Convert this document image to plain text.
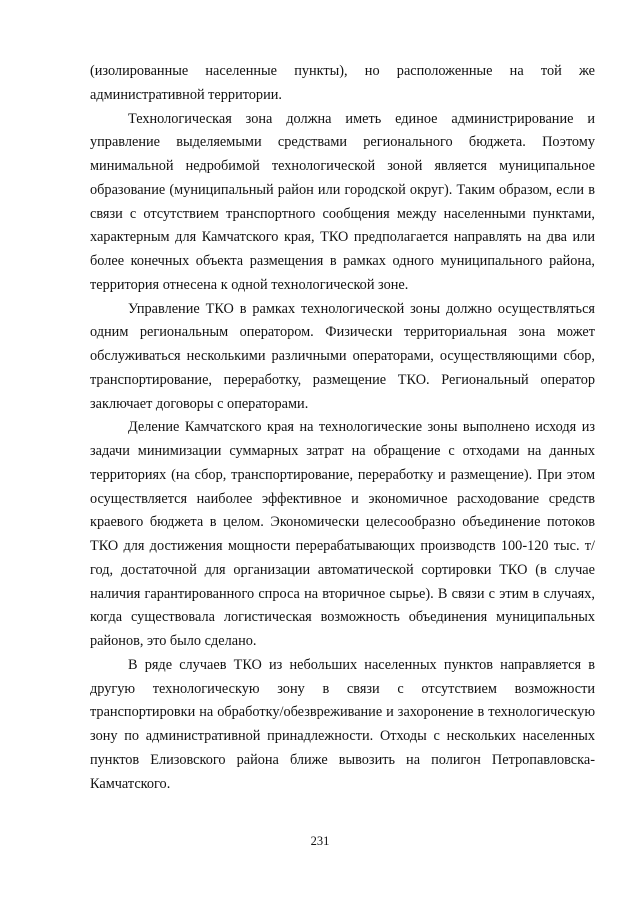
(изолированные населенные пункты), но расположенные на той же административной территории.

Технологическая зона должна иметь единое администрирование и управление выделяемыми средствами регионального бюджета. Поэтому минимальной недробимой технологической зоной является муниципальное образование (муниципальный район или городской округ). Таким образом, если в связи с отсутствием транспортного сообщения между населенными пунктами, характерным для Камчатского края, ТКО предполагается направлять на два или более конечных объекта размещения в рамках одного муниципального района, территория отнесена к одной технологической зоне.

Управление ТКО в рамках технологической зоны должно осуществляться одним региональным оператором. Физически территориальная зона может обслуживаться несколькими различными операторами, осуществляющими сбор, транспортирование, переработку, размещение ТКО. Региональный оператор заключает договоры с операторами.

Деление Камчатского края на технологические зоны выполнено исходя из задачи минимизации суммарных затрат на обращение с отходами на данных территориях (на сбор, транспортирование, переработку и размещение). При этом осуществляется наиболее эффективное и экономичное расходование средств краевого бюджета в целом. Экономически целесообразно объединение потоков ТКО для достижения мощности перерабатывающих производств 100-120 тыс. т/год, достаточной для организации автоматической сортировки ТКО (в случае наличия гарантированного спроса на вторичное сырье). В связи с этим в случаях, когда существовала логистическая возможность объединения муниципальных районов, это было сделано.

В ряде случаев ТКО из небольших населенных пунктов направляется в другую технологическую зону в связи с отсутствием возможности транспортировки на обработку/обезвреживание и захоронение в технологическую зону по административной принадлежности. Отходы с нескольких населенных пунктов Елизовского района ближе вывозить на полигон Петропавловска-Камчатского.

231
